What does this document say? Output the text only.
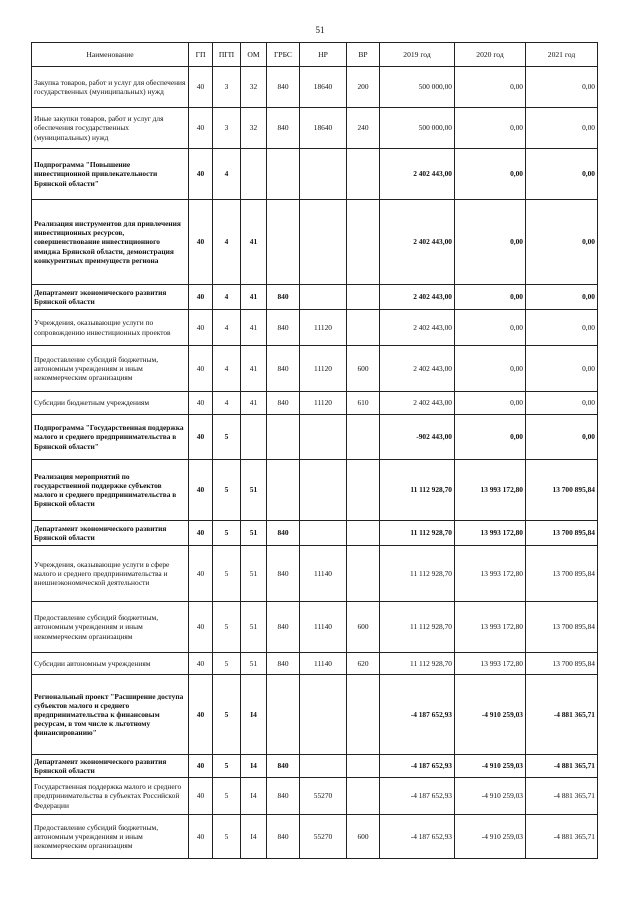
51
Наименование	ГП	ПГП	ОМ	ГРБС	НР	ВР	2019 год	2020 год	2021 год
Закупка товаров, работ и услуг для обеспечения государственных (муниципальных) нужд	40	3	32	840	18640	200	500 000,00	0,00	0,00
Иные закупки товаров, работ и услуг для обеспечения государственных (муниципальных) нужд	40	3	32	840	18640	240	500 000,00	0,00	0,00
Подпрограмма "Повышение инвестиционной привлекательности Брянской области"	40	4					2 402 443,00	0,00	0,00
Реализация инструментов для привлечения инвестиционных ресурсов, совершенствование инвестиционного имиджа Брянской области, демонстрация конкурентных преимуществ региона	40	4	41				2 402 443,00	0,00	0,00
Департамент экономического развития Брянской области	40	4	41	840			2 402 443,00	0,00	0,00
Учреждения, оказывающие услуги по сопровождению инвестиционных проектов	40	4	41	840	11120		2 402 443,00	0,00	0,00
Предоставление субсидий бюджетным, автономным учреждениям и иным некоммерческим организациям	40	4	41	840	11120	600	2 402 443,00	0,00	0,00
Субсидии бюджетным учреждениям	40	4	41	840	11120	610	2 402 443,00	0,00	0,00
Подпрограмма "Государственная поддержка малого и среднего предпринимательства в Брянской области"	40	5					-902 443,00	0,00	0,00
Реализация мероприятий по государственной поддержке субъектов малого и среднего предпринимательства в Брянской области	40	5	51				11 112 928,70	13 993 172,80	13 700 895,84
Департамент экономического развития Брянской области	40	5	51	840			11 112 928,70	13 993 172,80	13 700 895,84
Учреждения, оказывающие услуги в сфере малого и среднего предпринимательства и внешнеэкономической деятельности	40	5	51	840	11140		11 112 928,70	13 993 172,80	13 700 895,84
Предоставление субсидий бюджетным, автономным учреждениям и иным некоммерческим организациям	40	5	51	840	11140	600	11 112 928,70	13 993 172,80	13 700 895,84
Субсидии автономным учреждениям	40	5	51	840	11140	620	11 112 928,70	13 993 172,80	13 700 895,84
Региональный проект "Расширение доступа субъектов малого и среднего предпринимательства к финансовым ресурсам, в том числе к льготному финансированию"	40	5	I4				-4 187 652,93	-4 910 259,03	-4 881 365,71
Департамент экономического развития Брянской области	40	5	I4	840			-4 187 652,93	-4 910 259,03	-4 881 365,71
Государственная поддержка малого и среднего предпринимательства в субъектах Российской Федерации	40	5	I4	840	55270		-4 187 652,93	-4 910 259,03	-4 881 365,71
Предоставление субсидий бюджетным, автономным учреждениям и иным некоммерческим организациям	40	5	I4	840	55270	600	-4 187 652,93	-4 910 259,03	-4 881 365,71
